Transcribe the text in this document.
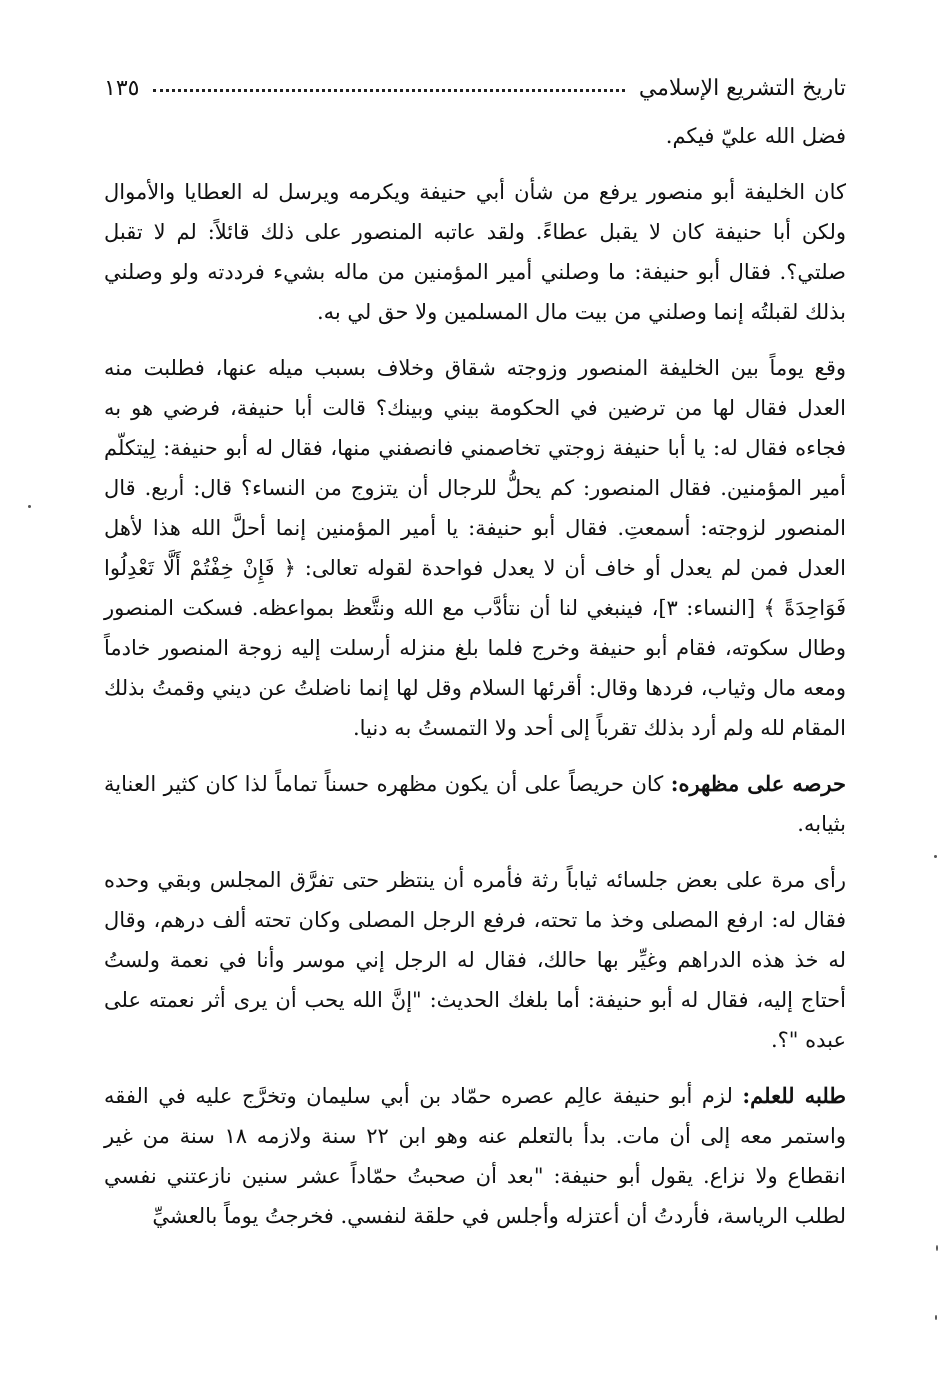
تاريخ التشريع الإسلامي
١٣٥

فضل الله عليّ فيكم.

كان الخليفة أبو منصور يرفع من شأن أبي حنيفة ويكرمه ويرسل له العطايا والأموال ولكن أبا حنيفة كان لا يقبل عطاءً. ولقد عاتبه المنصور على ذلك قائلاً: لم لا تقبل صلتي؟. فقال أبو حنيفة: ما وصلني أمير المؤمنين من ماله بشيء فرددته ولو وصلني بذلك لقبلتُه إنما وصلني من بيت مال المسلمين ولا حق لي به.

وقع يوماً بين الخليفة المنصور وزوجته شقاق وخلاف بسبب ميله عنها، فطلبت منه العدل فقال لها من ترضين في الحكومة بيني وبينك؟ قالت أبا حنيفة، فرضي هو به فجاءه فقال له: يا أبا حنيفة زوجتي تخاصمني فانصفني منها، فقال له أبو حنيفة: لِيتكلّم أمير المؤمنين. فقال المنصور: كم يحلُّ للرجال أن يتزوج من النساء؟ قال: أربع. قال المنصور لزوجته: أسمعتِ. فقال أبو حنيفة: يا أمير المؤمنين إنما أحلَّ الله هذا لأهل العدل فمن لم يعدل أو خاف أن لا يعدل فواحدة لقوله تعالى: ﴿ فَإِنْ خِفْتُمْ أَلَّا تَعْدِلُوا فَوَاحِدَةً ﴾ [النساء: ٣]، فينبغي لنا أن نتأدَّب مع الله ونتَّعظ بمواعظه. فسكت المنصور وطال سكوته، فقام أبو حنيفة وخرج فلما بلغ منزله أرسلت إليه زوجة المنصور خادماً ومعه مال وثياب، فردها وقال: أقرئها السلام وقل لها إنما ناضلتُ عن ديني وقمتُ بذلك المقام لله ولم أرد بذلك تقرباً إلى أحد ولا التمستُ به دنيا.

حرصه على مظهره: كان حريصاً على أن يكون مظهره حسناً تماماً لذا كان كثير العناية بثيابه.

رأى مرة على بعض جلسائه ثياباً رثة فأمره أن ينتظر حتى تفرَّق المجلس وبقي وحده فقال له: ارفع المصلى وخذ ما تحته، فرفع الرجل المصلى وكان تحته ألف درهم، وقال له خذ هذه الدراهم وغيِّر بها حالك، فقال له الرجل إني موسر وأنا في نعمة ولستُ أحتاج إليه، فقال له أبو حنيفة: أما بلغك الحديث: "إنَّ الله يحب أن يرى أثر نعمته على عبده "؟.

طلبه للعلم: لزم أبو حنيفة عالِم عصره حمّاد بن أبي سليمان وتخرَّج عليه في الفقه واستمر معه إلى أن مات. بدأ بالتعلم عنه وهو ابن ٢٢ سنة ولازمه ١٨ سنة من غير انقطاع ولا نزاع. يقول أبو حنيفة: "بعد أن صحبتُ حمّاداً عشر سنين نازعتني نفسي لطلب الرياسة، فأردتُ أن أعتزله وأجلس في حلقة لنفسي. فخرجتُ يوماً بالعشيِّ
